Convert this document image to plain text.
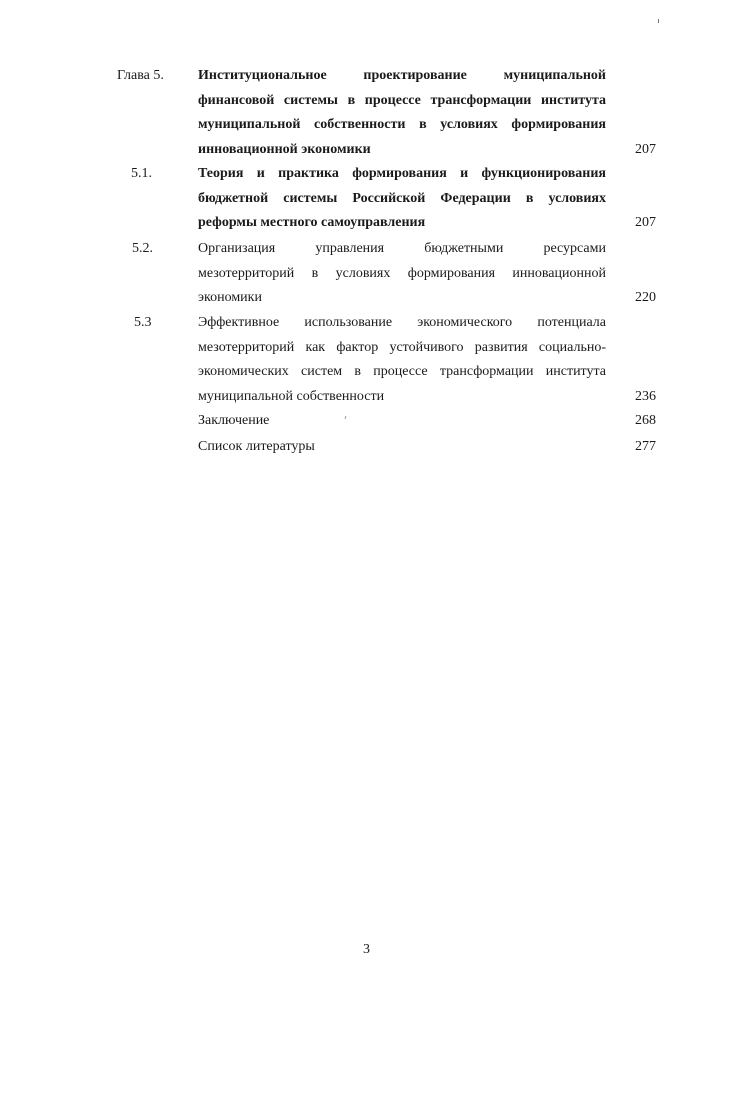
Глава 5. Институциональное проектирование муниципальной
финансовой системы в процессе трансформации института
муниципальной собственности в условиях формирования
инновационной экономики	207
5.1.	Теория и практика формирования и функционирования
бюджетной системы Российской Федерации в условиях
реформы местного самоуправления	207
5.2.	Организация управления бюджетными ресурсами
мезотерриторий в условиях формирования инновационной
экономики	220
5.3	Эффективное использование экономического потенциала
мезотерриторий как фактор устойчивого развития социально-
экономических систем в процессе трансформации института
муниципальной собственности	236
Заключение	268
Список литературы	277
3
